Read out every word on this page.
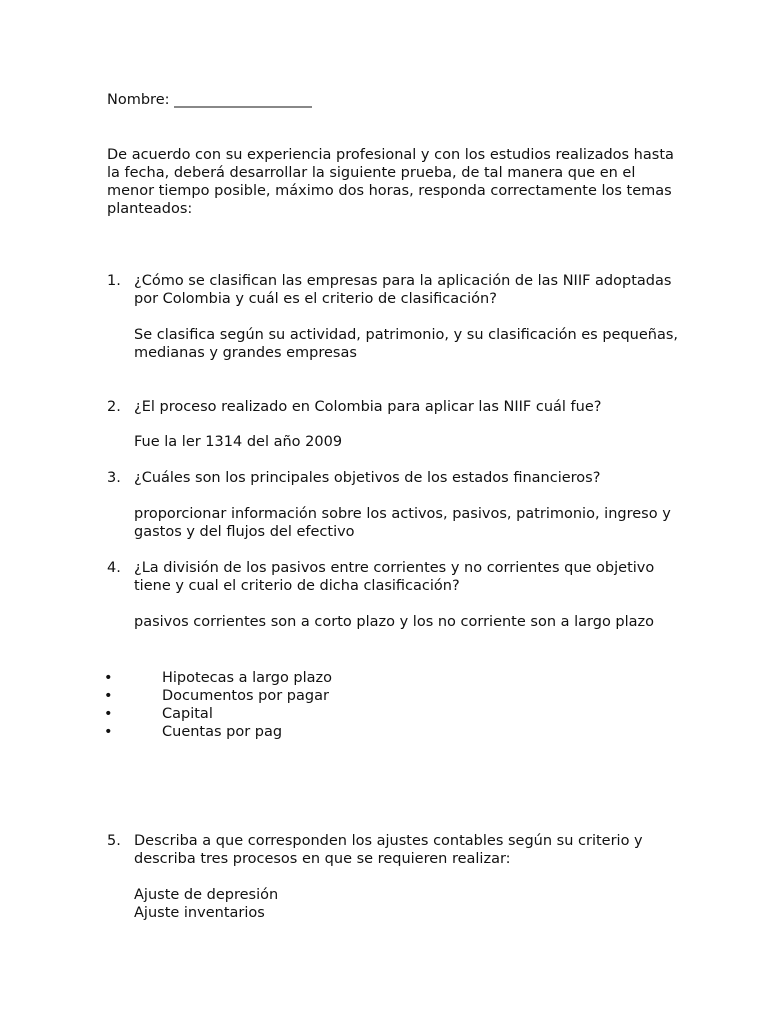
Nombre: ___________________
De acuerdo con su experiencia profesional y con los estudios realizados hasta
la fecha, deberá desarrollar la siguiente prueba, de tal manera que en el
menor tiempo posible, máximo dos horas, responda correctamente los temas
planteados:
1. ¿Cómo se clasifican las empresas para la aplicación de las NIIF adoptadas
por Colombia y cuál es el criterio de clasificación?
Se clasifica según su actividad, patrimonio, y su clasificación es pequeñas,
medianas y grandes empresas
2. ¿El proceso realizado en Colombia para aplicar las NIIF cuál fue?
Fue la ler 1314 del año 2009
3. ¿Cuáles son los principales objetivos de los estados financieros?
proporcionar información sobre los activos, pasivos, patrimonio, ingreso y
gastos y del flujos del efectivo
4. ¿La división de los pasivos entre corrientes y no corrientes que objetivo
tiene y cual el criterio de dicha clasificación?
pasivos corrientes son a corto plazo y los no corriente son a largo plazo
•	Hipotecas a largo plazo
•	Documentos por pagar
•	Capital
•	Cuentas por pag
5. Describa a que corresponden los ajustes contables según su criterio y
describa tres procesos en que se requieren realizar:
Ajuste de depresión
Ajuste inventarios
